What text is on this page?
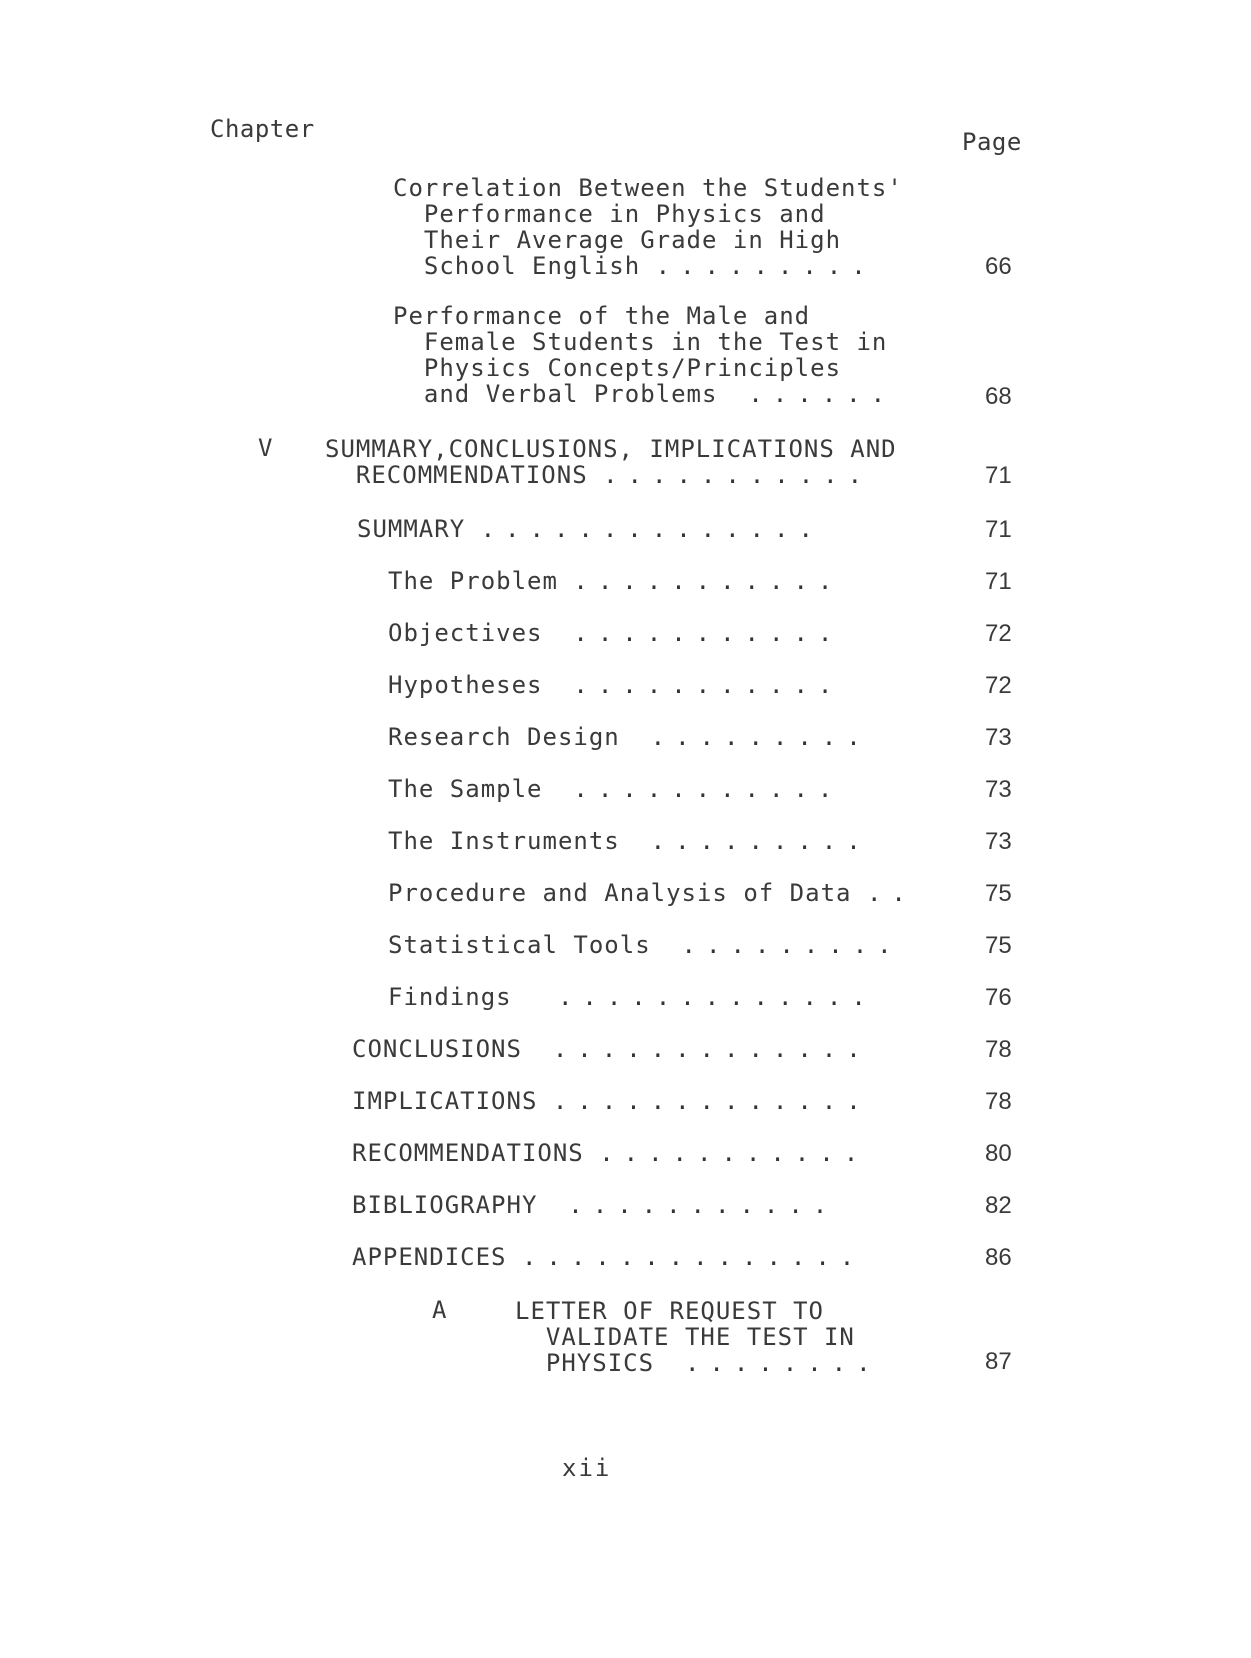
Chapter	Page
Correlation Between the Students'
Performance in Physics and
Their Average Grade in High
School English .........	66
Performance of the Male and
Female Students in the Test in
Physics Concepts/Principles
and Verbal Problems ......	68
V SUMMARY,CONCLUSIONS, IMPLICATIONS AND
RECOMMENDATIONS ...........	71
SUMMARY ..............	71
The Problem ...........	71
Objectives ...........	72
Hypotheses ...........	72
Research Design .........	73
The Sample ...........	73
The Instruments .........	73
Procedure and Analysis of Data ..	75
Statistical Tools .........	75
Findings .............	76
CONCLUSIONS .............	78
IMPLICATIONS .............	78
RECOMMENDATIONS ...........	80
BIBLIOGRAPHY ...........	82
APPENDICES ..............	86
A	LETTER OF REQUEST TO
VALIDATE THE TEST IN
PHYSICS ........	87
xii
